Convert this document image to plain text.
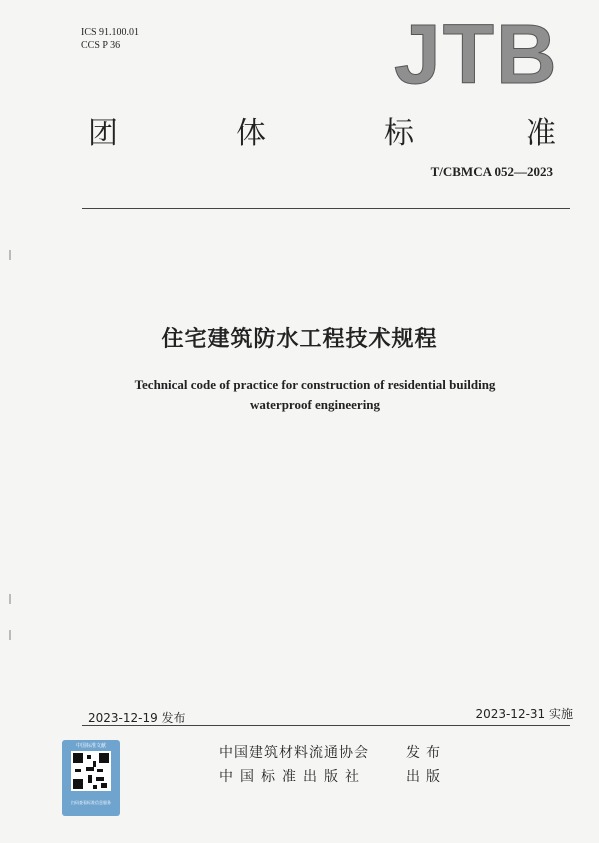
ICS 91.100.01
CCS P 36	JTB
团	体	标	准
T/CBMCA 052—2023
住宅建筑防水工程技术规程
Technical code of practice for construction of residential building
waterproof engineering
2023-12-19 发布	2023-12-31 实施
中国标准文献
扫码查看标准信息服务
中国建筑材料流通协会	发布
中国标准出版社	出版
